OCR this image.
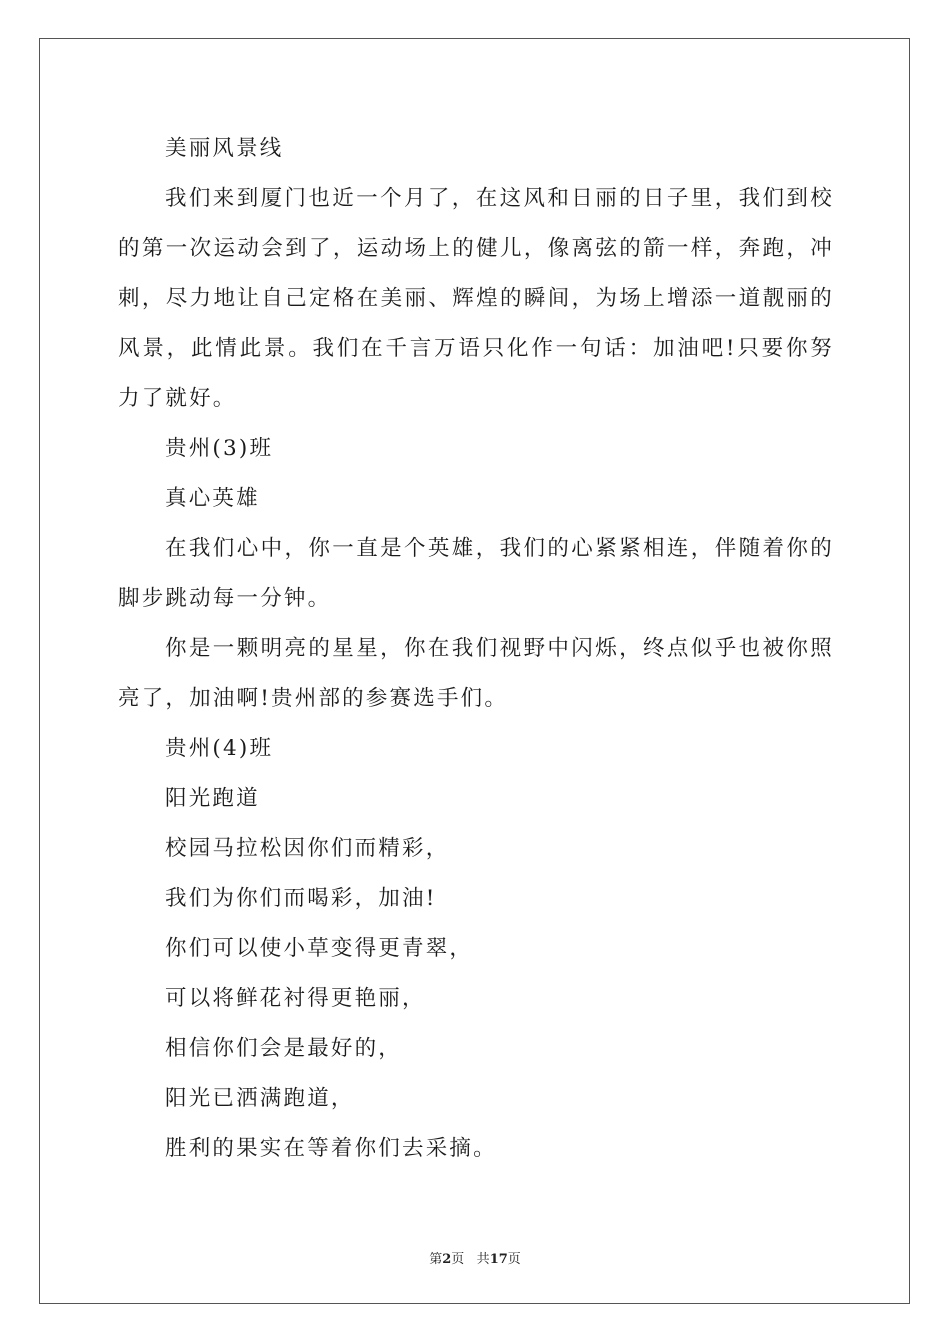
美丽风景线
我们来到厦门也近一个月了，在这风和日丽的日子里，我们到校
的第一次运动会到了，运动场上的健儿，像离弦的箭一样，奔跑，冲
刺，尽力地让自己定格在美丽、辉煌的瞬间，为场上增添一道靓丽的
风景，此情此景。我们在千言万语只化作一句话：加油吧!只要你努
力了就好。
贵州(3)班
真心英雄
在我们心中，你一直是个英雄，我们的心紧紧相连，伴随着你的
脚步跳动每一分钟。
你是一颗明亮的星星，你在我们视野中闪烁，终点似乎也被你照
亮了，加油啊!贵州部的参赛选手们。
贵州(4)班
阳光跑道
校园马拉松因你们而精彩，
我们为你们而喝彩，加油!
你们可以使小草变得更青翠，
可以将鲜花衬得更艳丽，
相信你们会是最好的，
阳光已洒满跑道，
胜利的果实在等着你们去采摘。
第2页 共17页
